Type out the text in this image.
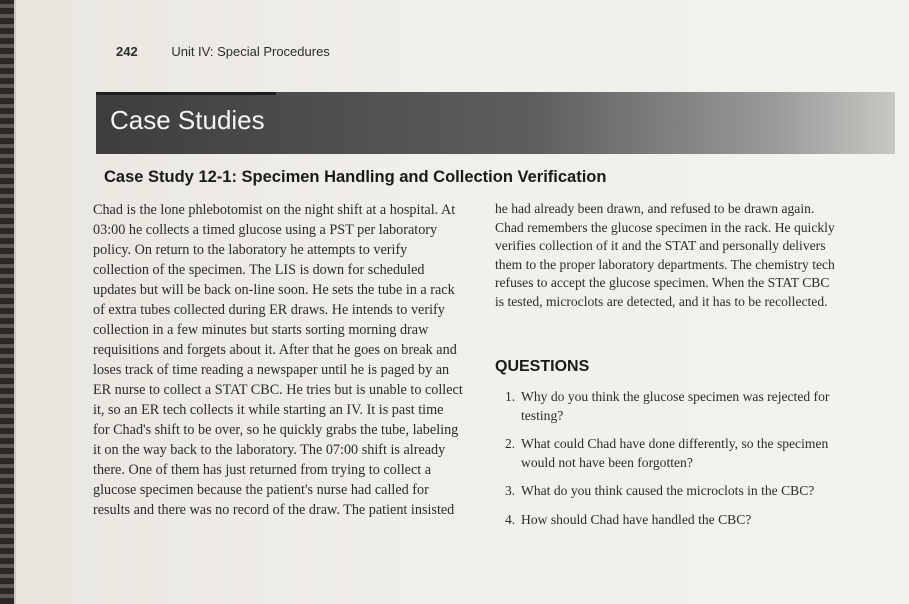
242	Unit IV: Special Procedures
Case Studies
Case Study 12-1: Specimen Handling and Collection Verification

Chad is the lone phlebotomist on the night shift at a hospital. At 03:00 he collects a timed glucose using a PST per laboratory policy. On return to the laboratory he attempts to verify collection of the specimen. The LIS is down for scheduled updates but will be back on-line soon. He sets the tube in a rack of extra tubes collected during ER draws. He intends to verify collection in a few minutes but starts sorting morning draw requisitions and forgets about it. After that he goes on break and loses track of time reading a newspaper until he is paged by an ER nurse to collect a STAT CBC. He tries but is unable to collect it, so an ER tech collects it while starting an IV. It is past time for Chad's shift to be over, so he quickly grabs the tube, labeling it on the way back to the laboratory. The 07:00 shift is already there. One of them has just returned from trying to collect a glucose specimen because the patient's nurse had called for results and there was no record of the draw. The patient insisted

he had already been drawn, and refused to be drawn again. Chad remembers the glucose specimen in the rack. He quickly verifies collection of it and the STAT and personally delivers them to the proper laboratory departments. The chemistry tech refuses to accept the glucose specimen. When the STAT CBC is tested, microclots are detected, and it has to be recollected.

QUESTIONS
1. Why do you think the glucose specimen was rejected for testing?
2. What could Chad have done differently, so the specimen would not have been forgotten?
3. What do you think caused the microclots in the CBC?
4. How should Chad have handled the CBC?
